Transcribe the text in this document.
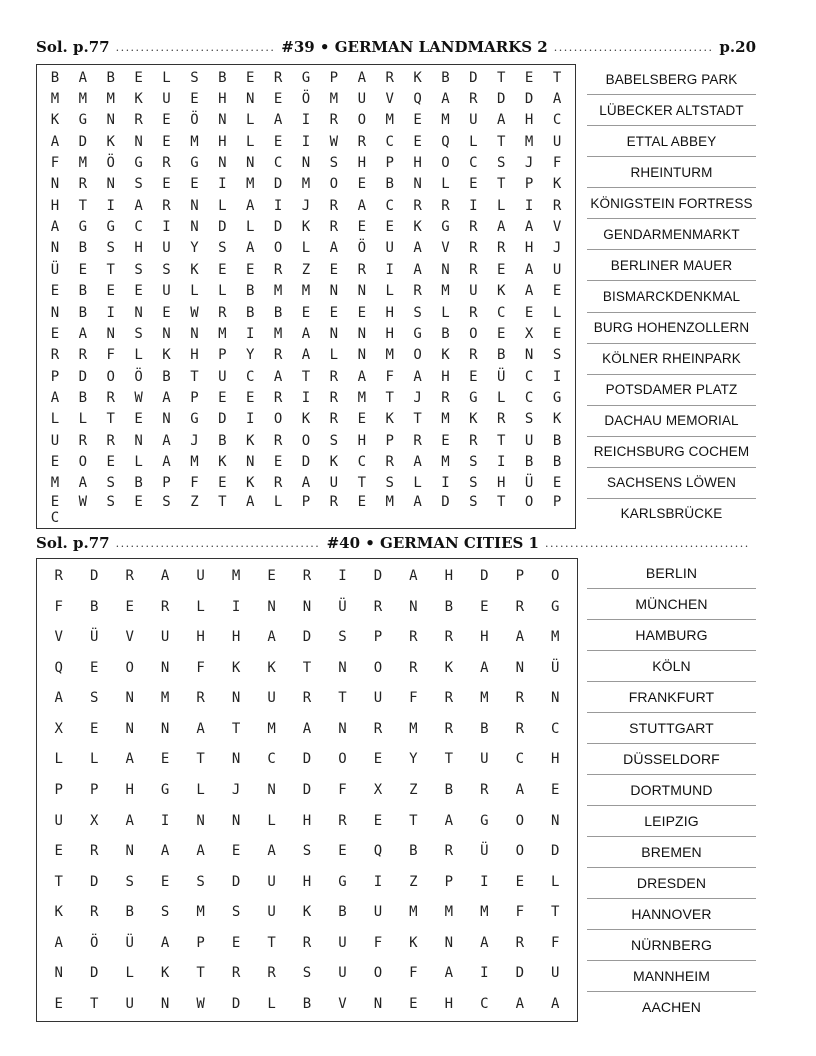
Sol. p.77 . . .	#39 • GERMAN LANDMARKS 2 . . .	p.20
B	A	B	E	L	S	B	E	R	G	P	A	R	K	B	D	T	E	T
M	M	M	K	U	E	H	N	E	Ö	M	U	V	Q	A	R	D	D	A
K	G	N	R	E	Ö	N	L	A	I	R	O	M	E	M	U	A	H	C
A	D	K	N	E	M	H	L	E	I	W	R	C	E	Q	L	T	M	U
F	M	Ö	G	R	G	N	N	C	N	S	H	P	H	O	C	S	J	F
N	R	N	S	E	E	I	M	D	M	O	E	B	N	L	E	T	P	K
H	T	I	A	R	N	L	A	I	J	R	A	C	R	R	I	L	I	R
A	G	G	C	I	N	D	L	D	K	R	E	E	K	G	R	A	A	V
N	B	S	H	U	Y	S	A	O	L	A	Ö	U	A	V	R	R	H	J
Ü	E	T	S	S	K	E	E	R	Z	E	R	I	A	N	R	E	A	U
E	B	E	E	U	L	L	B	M	M	N	N	L	R	M	U	K	A	E
N	B	I	N	E	W	R	B	B	E	E	E	H	S	L	R	C	E	L
E	A	N	S	N	N	M	I	M	A	N	N	H	G	B	O	E	X	E
R	R	F	L	K	H	P	Y	R	A	L	N	M	O	K	R	B	N	S
P	D	O	Ö	B	T	U	C	A	T	R	A	F	A	H	E	Ü	C	I
A	B	R	W	A	P	E	E	R	I	R	M	T	J	R	G	L	C	G
L	L	T	E	N	G	D	I	O	K	R	E	K	T	M	K	R	S	K
U	R	R	N	A	J	B	K	R	O	S	H	P	R	E	R	T	U	B
E	O	E	L	A	M	K	N	E	D	K	C	R	A	M	S	I	B	B
M	A	S	B	P	F	E	K	R	A	U	T	S	L	I	S	H	Ü	E
E	W	S	E	S	Z	T	A	L	P	R	E	M	A	D	S	T	O	P
C
BABELSBERG PARK
LÜBECKER ALTSTADT
ETTAL ABBEY
RHEINTURM
KÖNIGSTEIN FORTRESS
GENDARMENMARKT
BERLINER MAUER
BISMARCKDENKMAL
BURG HOHENZOLLERN
KÖLNER RHEINPARK
POTSDAMER PLATZ
DACHAU MEMORIAL
REICHSBURG COCHEM
SACHSENS LÖWEN
KARLSBRÜCKE
Sol. p.77 . . .	#40 • GERMAN CITIES 1
. . .
R	D	R	A	U	M	E	R	I	D	A	H	D	P	O
F	B	E	R	L	I	N	N	Ü	R	N	B	E	R	G
V	Ü	V	U	H	H	A	D	S	P	R	R	H	A	M
Q	E	O	N	F	K	K	T	N	O	R	K	A	N	Ü
A	S	N	M	R	N	U	R	T	U	F	R	M	R	N
X	E	N	N	A	T	M	A	N	R	M	R	B	R	C
L	L	A	E	T	N	C	D	O	E	Y	T	U	C	H
P	P	H	G	L	J	N	D	F	X	Z	B	R	A	E
U	X	A	I	N	N	L	H	R	E	T	A	G	O	N
E	R	N	A	A	E	A	S	E	Q	B	R	Ü	O	D
T	D	S	E	S	D	U	H	G	I	Z	P	I	E	L
K	R	B	S	M	S	U	K	B	U	M	M	M	F	T
A	Ö	Ü	A	P	E	T	R	U	F	K	N	A	R	F
N	D	L	K	T	R	R	S	U	O	F	A	I	D	U
E	T	U	N	W	D	L	B	V	N	E	H	C	A	A
BERLIN
MÜNCHEN
HAMBURG
KÖLN
FRANKFURT
STUTTGART
DÜSSELDORF
DORTMUND
LEIPZIG
BREMEN
DRESDEN
HANNOVER
NÜRNBERG
MANNHEIM
AACHEN
